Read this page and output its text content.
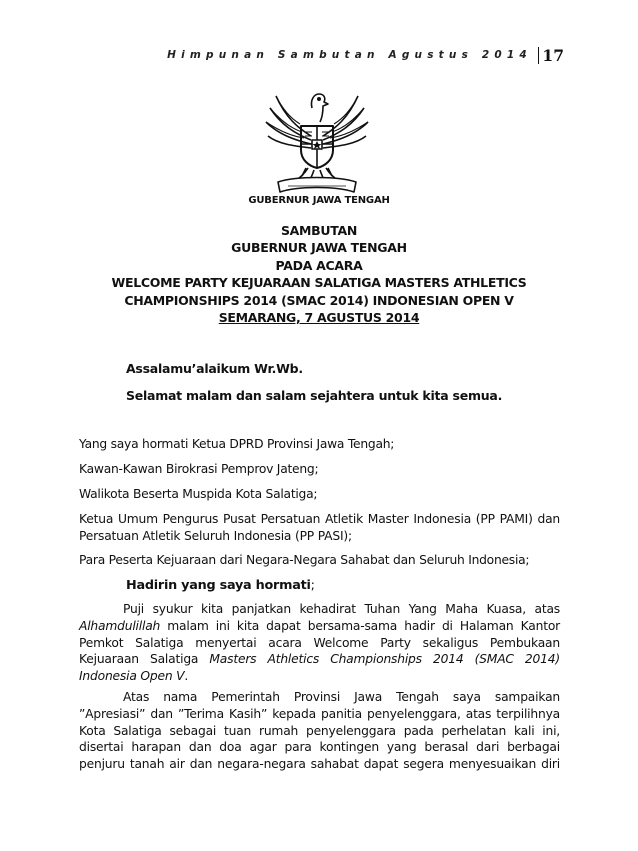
Himpunan Sambutan Agustus 2014 17
GUBERNUR JAWA TENGAH
SAMBUTAN
GUBERNUR JAWA TENGAH
PADA ACARA
WELCOME PARTY KEJUARAAN SALATIGA MASTERS ATHLETICS
CHAMPIONSHIPS 2014 (SMAC 2014) INDONESIAN OPEN V
SEMARANG, 7 AGUSTUS 2014
Assalamu’alaikum Wr.Wb.
Selamat malam dan salam sejahtera untuk kita semua.
Yang saya hormati Ketua DPRD Provinsi Jawa Tengah;
Kawan-Kawan Birokrasi Pemprov Jateng;
Walikota Beserta Muspida Kota Salatiga;
Ketua Umum Pengurus Pusat Persatuan Atletik Master Indonesia (PP PAMI) dan
Persatuan Atletik Seluruh Indonesia (PP PASI);
Para Peserta Kejuaraan dari Negara-Negara Sahabat dan Seluruh Indonesia;
Hadirin yang saya hormati;
Puji syukur kita panjatkan kehadirat Tuhan Yang Maha Kuasa, atas
Alhamdulillah malam ini kita dapat bersama-sama hadir di Halaman Kantor
Pemkot Salatiga menyertai acara Welcome Party sekaligus Pembukaan
Kejuaraan Salatiga Masters Athletics Championships 2014 (SMAC 2014)
Indonesia Open V.
Atas nama Pemerintah Provinsi Jawa Tengah saya sampaikan
”Apresiasi” dan ”Terima Kasih” kepada panitia penyelenggara, atas terpilihnya
Kota Salatiga sebagai tuan rumah penyelenggara pada perhelatan kali ini,
disertai harapan dan doa agar para kontingen yang berasal dari berbagai
penjuru tanah air dan negara-negara sahabat dapat segera menyesuaikan diri
